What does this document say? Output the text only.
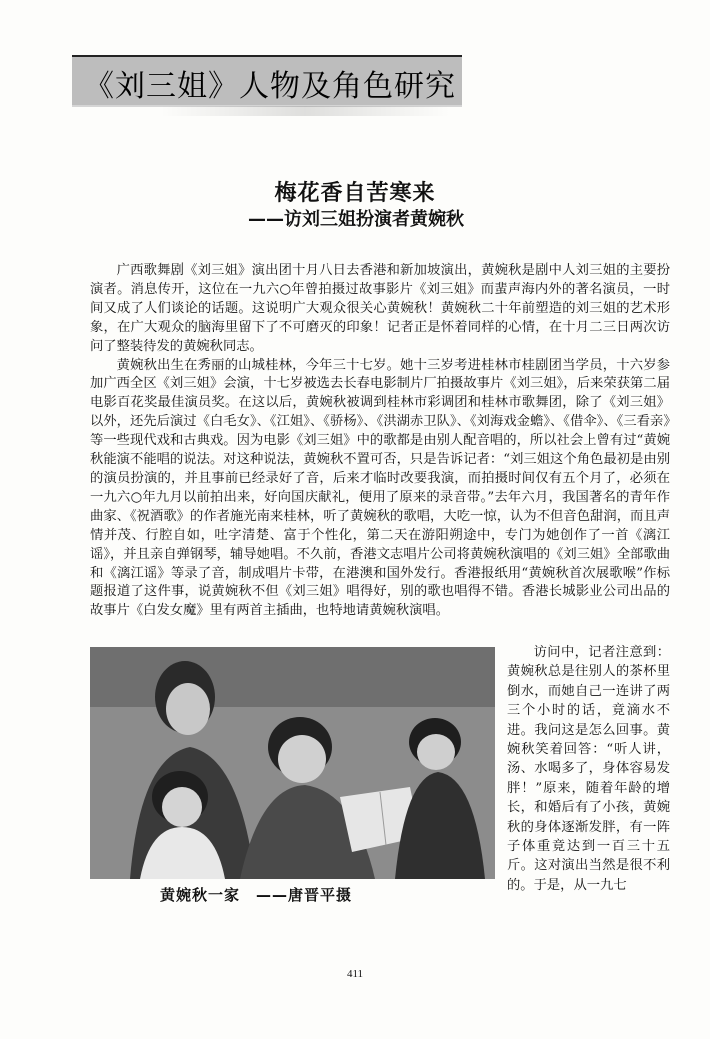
《刘三姐》人物及角色研究
梅花香自苦寒来
——访刘三姐扮演者黄婉秋

广西歌舞剧《刘三姐》演出团十月八日去香港和新加坡演出，黄婉秋是剧中人刘三姐的主要扮演者。消息传开，这位在一九六○年曾拍摄过故事影片《刘三姐》而蜚声海内外的著名演员，一时间又成了人们谈论的话题。这说明广大观众很关心黄婉秋！黄婉秋二十年前塑造的刘三姐的艺术形象，在广大观众的脑海里留下了不可磨灭的印象！记者正是怀着同样的心情，在十月二三日两次访问了整装待发的黄婉秋同志。

黄婉秋出生在秀丽的山城桂林，今年三十七岁。她十三岁考进桂林市桂剧团当学员，十六岁参加广西全区《刘三姐》会演，十七岁被选去长春电影制片厂拍摄故事片《刘三姐》，后来荣获第二届电影百花奖最佳演员奖。在这以后，黄婉秋被调到桂林市彩调团和桂林市歌舞团，除了《刘三姐》以外，还先后演过《白毛女》、《江姐》、《骄杨》、《洪湖赤卫队》、《刘海戏金蟾》、《借伞》、《三看亲》等一些现代戏和古典戏。因为电影《刘三姐》中的歌都是由别人配音唱的，所以社会上曾有过“黄婉秋能演不能唱的说法。对这种说法，黄婉秋不置可否，只是告诉记者：“刘三姐这个角色最初是由别的演员扮演的，并且事前已经录好了音，后来才临时改要我演，而拍摄时间仅有五个月了，必须在一九六○年九月以前拍出来，好向国庆献礼，便用了原来的录音带。”去年六月，我国著名的青年作曲家、《祝酒歌》的作者施光南来桂林，听了黄婉秋的歌唱，大吃一惊，认为不但音色甜润，而且声情并茂、行腔自如，吐字清楚、富于个性化，第二天在游阳朔途中，专门为她创作了一首《漓江谣》，并且亲自弹钢琴，辅导她唱。不久前，香港文志唱片公司将黄婉秋演唱的《刘三姐》全部歌曲和《漓江谣》等录了音，制成唱片卡带，在港澳和国外发行。香港报纸用“黄婉秋首次展歌喉”作标题报道了这件事，说黄婉秋不但《刘三姐》唱得好，别的歌也唱得不错。香港长城影业公司出品的故事片《白发女魔》里有两首主插曲，也特地请黄婉秋演唱。

黄婉秋一家　——唐晋平摄

访问中，记者注意到：黄婉秋总是往别人的茶杯里倒水，而她自己一连讲了两三个小时的话，竟滴水不进。我问这是怎么回事。黄婉秋笑着回答：“听人讲，汤、水喝多了，身体容易发胖！”原来，随着年龄的增长，和婚后有了小孩，黄婉秋的身体逐渐发胖，有一阵子体重竟达到一百三十五斤。这对演出当然是很不利的。于是，从一九七

411
